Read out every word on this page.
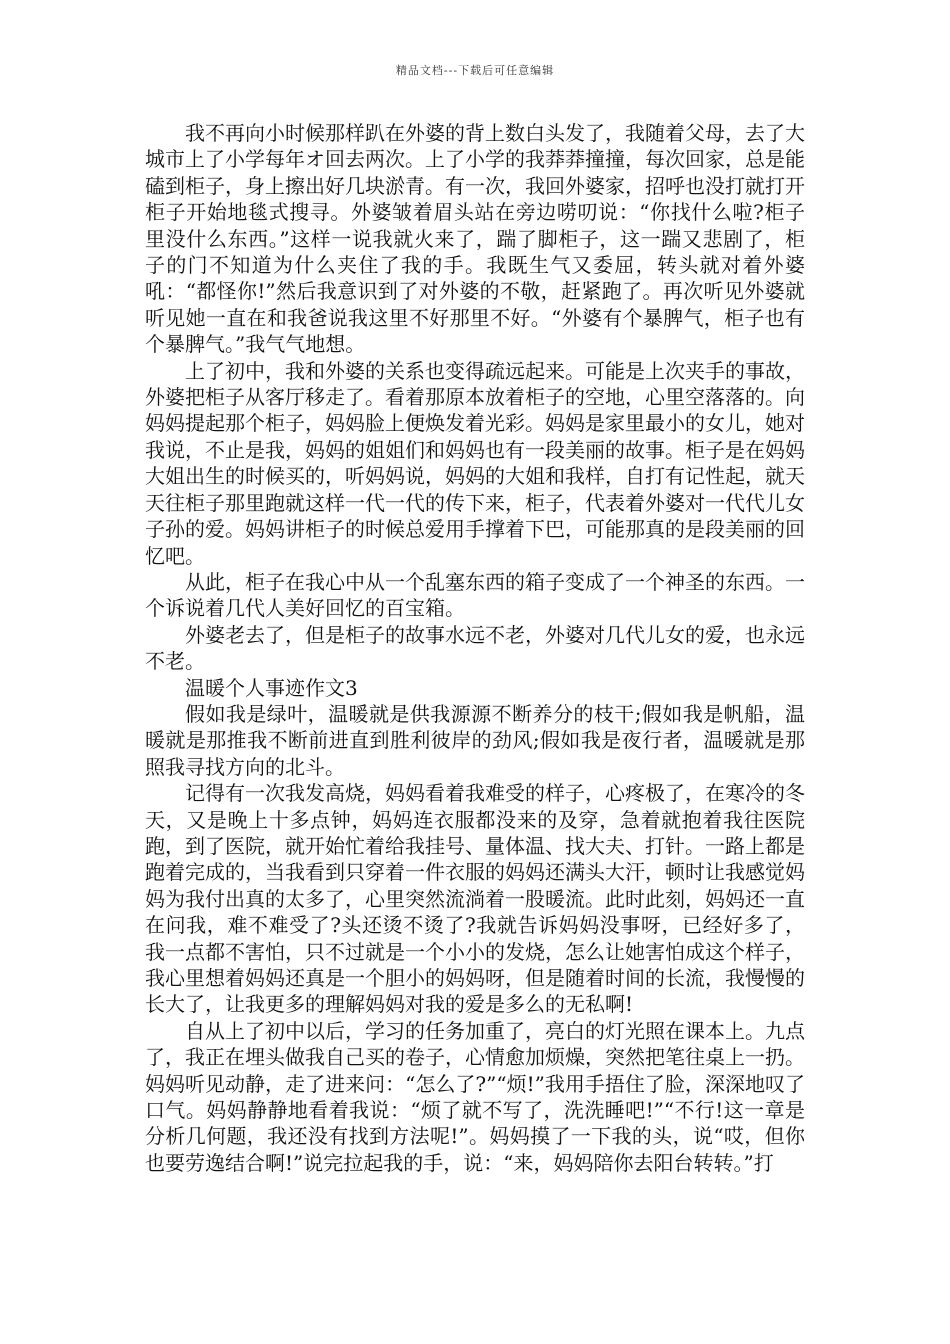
精品文档---下载后可任意编辑

我不再向小时候那样趴在外婆的背上数白头发了，我随着父母，去了大城市上了小学每年オ回去两次。上了小学的我莽莽撞撞，每次回家，总是能磕到柜子，身上擦出好几块淤青。有一次，我回外婆家，招呼也没打就打开柜子开始地毯式搜寻。外婆皱着眉头站在旁边唠叨说：“你找什么啦?柜子里没什么东西。”这样一说我就火来了，踹了脚柜子，这一踹又悲剧了，柜子的门不知道为什么夹住了我的手。我既生气又委屈，转头就对着外婆吼：“都怪你!”然后我意识到了对外婆的不敬，赶紧跑了。再次听见外婆就听见她一直在和我爸说我这里不好那里不好。“外婆有个暴脾气，柜子也有个暴脾气。”我气气地想。

上了初中，我和外婆的关系也变得疏远起来。可能是上次夹手的事故，外婆把柜子从客厅移走了。看着那原本放着柜子的空地，心里空落落的。向妈妈提起那个柜子，妈妈脸上便焕发着光彩。妈妈是家里最小的女儿，她对我说，不止是我，妈妈的姐姐们和妈妈也有一段美丽的故事。柜子是在妈妈大姐出生的时候买的，听妈妈说，妈妈的大姐和我样，自打有记性起，就天天往柜子那里跑就这样一代一代的传下来，柜子，代表着外婆对一代代儿女子孙的爱。妈妈讲柜子的时候总爱用手撑着下巴，可能那真的是段美丽的回忆吧。

从此，柜子在我心中从一个乱塞东西的箱子变成了一个神圣的东西。一个诉说着几代人美好回忆的百宝箱。

外婆老去了，但是柜子的故事水远不老，外婆对几代儿女的爱，也永远不老。

温暖个人事迹作文3

假如我是绿叶，温暖就是供我源源不断养分的枝干;假如我是帆船，温暖就是那推我不断前进直到胜利彼岸的劲风;假如我是夜行者，温暖就是那照我寻找方向的北斗。

记得有一次我发高烧，妈妈看着我难受的样子，心疼极了，在寒冷的冬天，又是晚上十多点钟，妈妈连衣服都没来的及穿，急着就抱着我往医院跑，到了医院，就开始忙着给我挂号、量体温、找大夫、打针。一路上都是跑着完成的，当我看到只穿着一件衣服的妈妈还满头大汗，顿时让我感觉妈妈为我付出真的太多了，心里突然流淌着一股暖流。此时此刻，妈妈还一直在问我，难不难受了?头还烫不烫了?我就告诉妈妈没事呀，已经好多了，我一点都不害怕，只不过就是一个小小的发烧，怎么让她害怕成这个样子，我心里想着妈妈还真是一个胆小的妈妈呀，但是随着时间的长流，我慢慢的长大了，让我更多的理解妈妈对我的爱是多么的无私啊!

自从上了初中以后，学习的任务加重了，亮白的灯光照在课本上。九点了，我正在埋头做我自己买的卷子，心情愈加烦燥，突然把笔往桌上一扔。妈妈听见动静，走了进来问：“怎么了?”“烦!”我用手捂住了脸，深深地叹了口气。妈妈静静地看着我说：“烦了就不写了，洗洗睡吧!”“不行!这一章是分析几何题，我还没有找到方法呢!”。妈妈摸了一下我的头，说“哎，但你也要劳逸结合啊!”说完拉起我的手，说：“来，妈妈陪你去阳台转转。”打
